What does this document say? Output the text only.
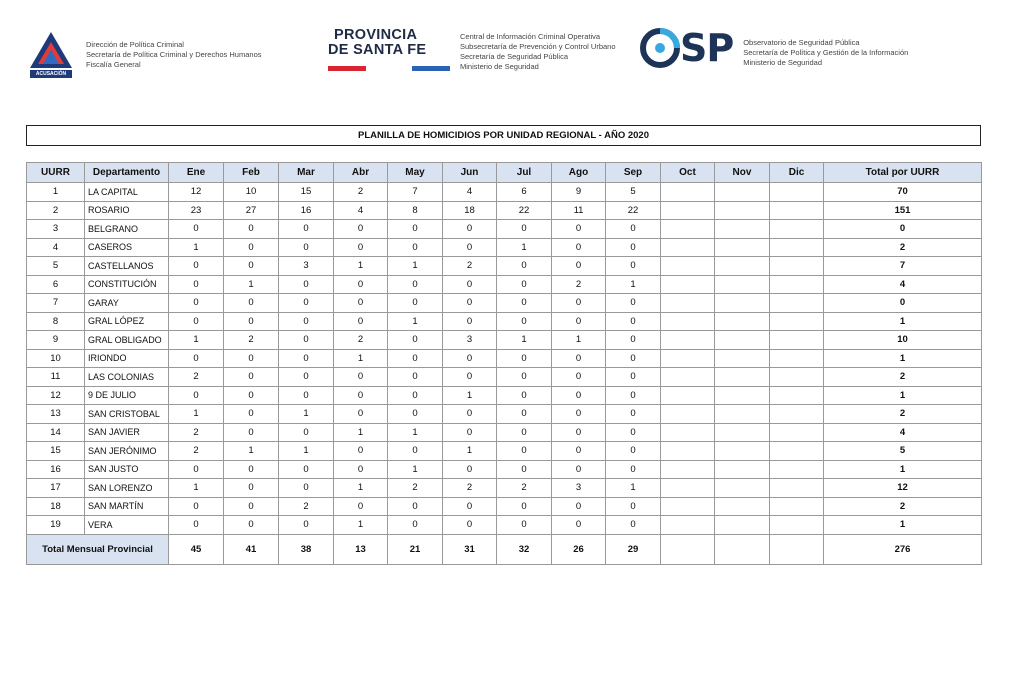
ACUSACIÓN
Dirección de Política Criminal
Secretaría de Política Criminal y Derechos Humanos
Fiscalía General
PROVINCIA
DE SANTA FE
Central de Información Criminal Operativa
Subsecretaría de Prevención y Control Urbano
Secretaría de Seguridad Pública
Ministerio de Seguridad	SP Observatorio de Seguridad Pública
Secretaría de Política y Gestión de la Información
Ministerio de Seguridad
PLANILLA DE HOMICIDIOS POR UNIDAD REGIONAL - AÑO 2020
UURR	Departamento	Ene	Feb	Mar	Abr	May	Jun	Jul	Ago	Sep	Oct	Nov	Dic	Total por UURR
1	LA CAPITAL	12	10	15	2	7	4	6	9	5				70
2	ROSARIO	23	27	16	4	8	18	22	11	22				151
3	BELGRANO	0	0	0	0	0	0	0	0	0				0
4	CASEROS	1	0	0	0	0	0	1	0	0				2
5	CASTELLANOS	0	0	3	1	1	2	0	0	0				7
6	CONSTITUCIÓN	0	1	0	0	0	0	0	2	1				4
7	GARAY	0	0	0	0	0	0	0	0	0				0
8	GRAL LÓPEZ	0	0	0	0	1	0	0	0	0				1
9	GRAL OBLIGADO	1	2	0	2	0	3	1	1	0				10
10	IRIONDO	0	0	0	1	0	0	0	0	0				1
11	LAS COLONIAS	2	0	0	0	0	0	0	0	0				2
12	9 DE JULIO	0	0	0	0	0	1	0	0	0				1
13	SAN CRISTOBAL	1	0	1	0	0	0	0	0	0				2
14	SAN JAVIER	2	0	0	1	1	0	0	0	0				4
15	SAN JERÓNIMO	2	1	1	0	0	1	0	0	0				5
16	SAN JUSTO	0	0	0	0	1	0	0	0	0				1
17	SAN LORENZO	1	0	0	1	2	2	2	3	1				12
18	SAN MARTÍN	0	0	2	0	0	0	0	0	0				2
19	VERA	0	0	0	1	0	0	0	0	0				1
Total Mensual Provincial		45	41	38	13	21	31	32	26	29				276
